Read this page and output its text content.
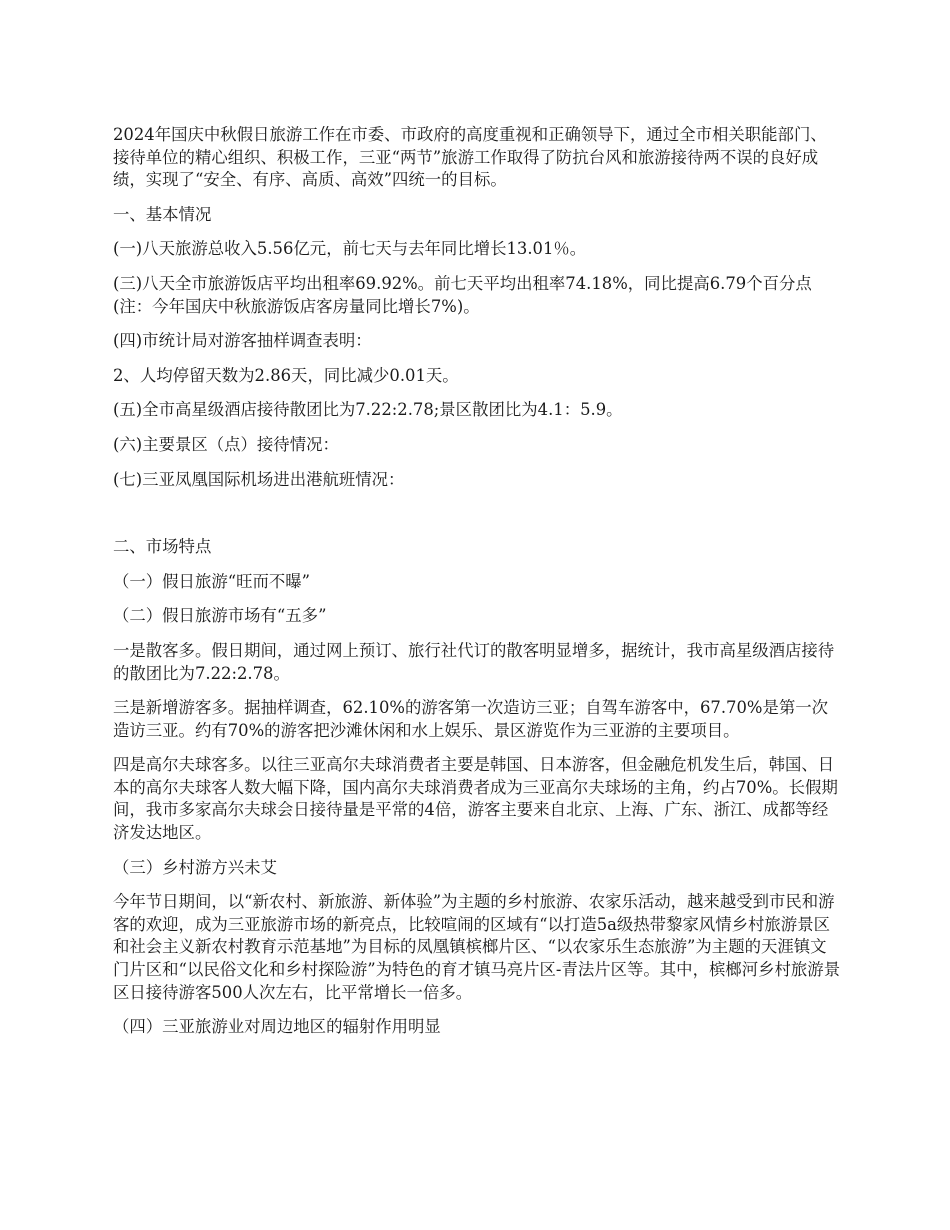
2024年国庆中秋假日旅游工作在市委、市政府的高度重视和正确领导下，通过全市相关职能部门、接待单位的精心组织、积极工作，三亚“两节”旅游工作取得了防抗台风和旅游接待两不误的良好成绩，实现了“安全、有序、高质、高效”四统一的目标。

一、基本情况

(一)八天旅游总收入5.56亿元，前七天与去年同比增长13.01％。

(三)八天全市旅游饭店平均出租率69.92%。前七天平均出租率74.18%，同比提高6.79个百分点(注：今年国庆中秋旅游饭店客房量同比增长7%)。

(四)市统计局对游客抽样调查表明：

2、人均停留天数为2.86天，同比减少0.01天。

(五)全市高星级酒店接待散团比为7.22:2.78;景区散团比为4.1：5.9。

(六)主要景区（点）接待情况：

(七)三亚凤凰国际机场进出港航班情况：

二、市场特点

（一）假日旅游“旺而不曝”

（二）假日旅游市场有“五多”

一是散客多。假日期间，通过网上预订、旅行社代订的散客明显增多，据统计，我市高星级酒店接待的散团比为7.22:2.78。

三是新增游客多。据抽样调查，62.10%的游客第一次造访三亚；自驾车游客中，67.70%是第一次造访三亚。约有70%的游客把沙滩休闲和水上娱乐、景区游览作为三亚游的主要项目。

四是高尔夫球客多。以往三亚高尔夫球消费者主要是韩国、日本游客，但金融危机发生后，韩国、日本的高尔夫球客人数大幅下降，国内高尔夫球消费者成为三亚高尔夫球场的主角，约占70%。长假期间，我市多家高尔夫球会日接待量是平常的4倍，游客主要来自北京、上海、广东、浙江、成都等经济发达地区。

（三）乡村游方兴未艾

今年节日期间，以“新农村、新旅游、新体验”为主题的乡村旅游、农家乐活动，越来越受到市民和游客的欢迎，成为三亚旅游市场的新亮点，比较喧闹的区域有“以打造5a级热带黎家风情乡村旅游景区和社会主义新农村教育示范基地”为目标的凤凰镇槟榔片区、“以农家乐生态旅游”为主题的天涯镇文门片区和“以民俗文化和乡村探险游”为特色的育才镇马亮片区-青法片区等。其中，槟榔河乡村旅游景区日接待游客500人次左右，比平常增长一倍多。

（四）三亚旅游业对周边地区的辐射作用明显
